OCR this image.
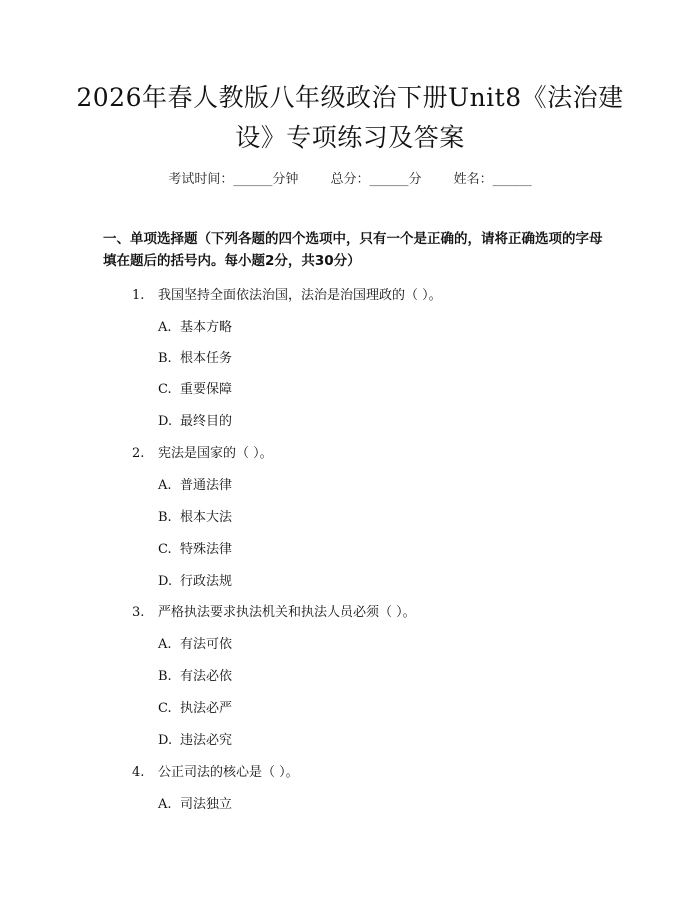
2026年春人教版八年级政治下册Unit8《法治建设》专项练习及答案
考试时间：______分钟 总分：______分 姓名：______
一、单项选择题（下列各题的四个选项中，只有一个是正确的，请将正确选项的字母填在题后的括号内。每小题2分，共30分）
1. 我国坚持全面依法治国，法治是治国理政的（ ）。
A. 基本方略
B. 根本任务
C. 重要保障
D. 最终目的
2. 宪法是国家的（ ）。
A. 普通法律
B. 根本大法
C. 特殊法律
D. 行政法规
3. 严格执法要求执法机关和执法人员必须（ ）。
A. 有法可依
B. 有法必依
C. 执法必严
D. 违法必究
4. 公正司法的核心是（ ）。
A. 司法独立
